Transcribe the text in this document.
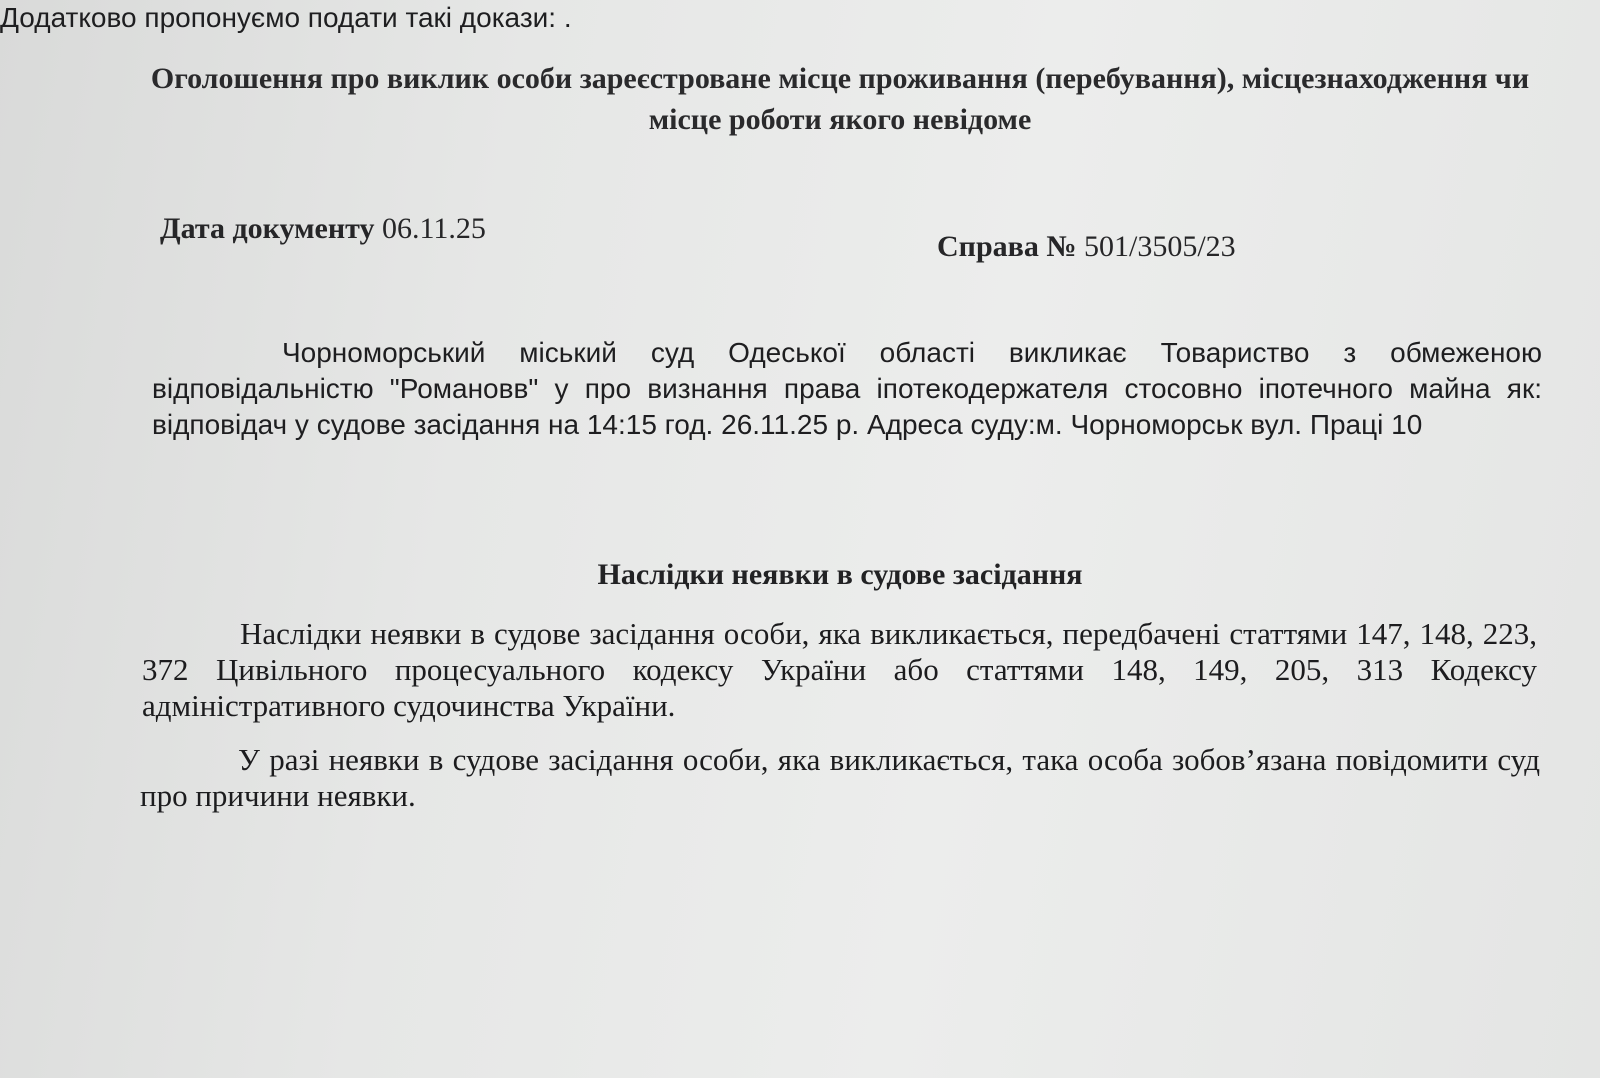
Оголошення про виклик особи зареєстроване місце проживання (перебування), місцезнаходження чи місце роботи якого невідоме
Дата документу 06.11.25
Справа № 501/3505/23
Чорноморський міський суд Одеської області викликає Товариство з обмеженою відповідальністю "Романовв" у про визнання права іпотекодержателя стосовно іпотечного майна як: відповідач у судове засідання на 14:15 год. 26.11.25 р. Адреса суду:м. Чорноморськ вул. Праці 10
Додатково пропонуємо подати такі докази: .
Наслідки неявки в судове засідання
Наслідки неявки в судове засідання особи, яка викликається, передбачені статтями 147, 148, 223, 372 Цивільного процесуального кодексу України або статтями 148, 149, 205, 313 Кодексу адміністративного судочинства України.
У разі неявки в судове засідання особи, яка викликається, така особа зобов’язана повідомити суд про причини неявки.
